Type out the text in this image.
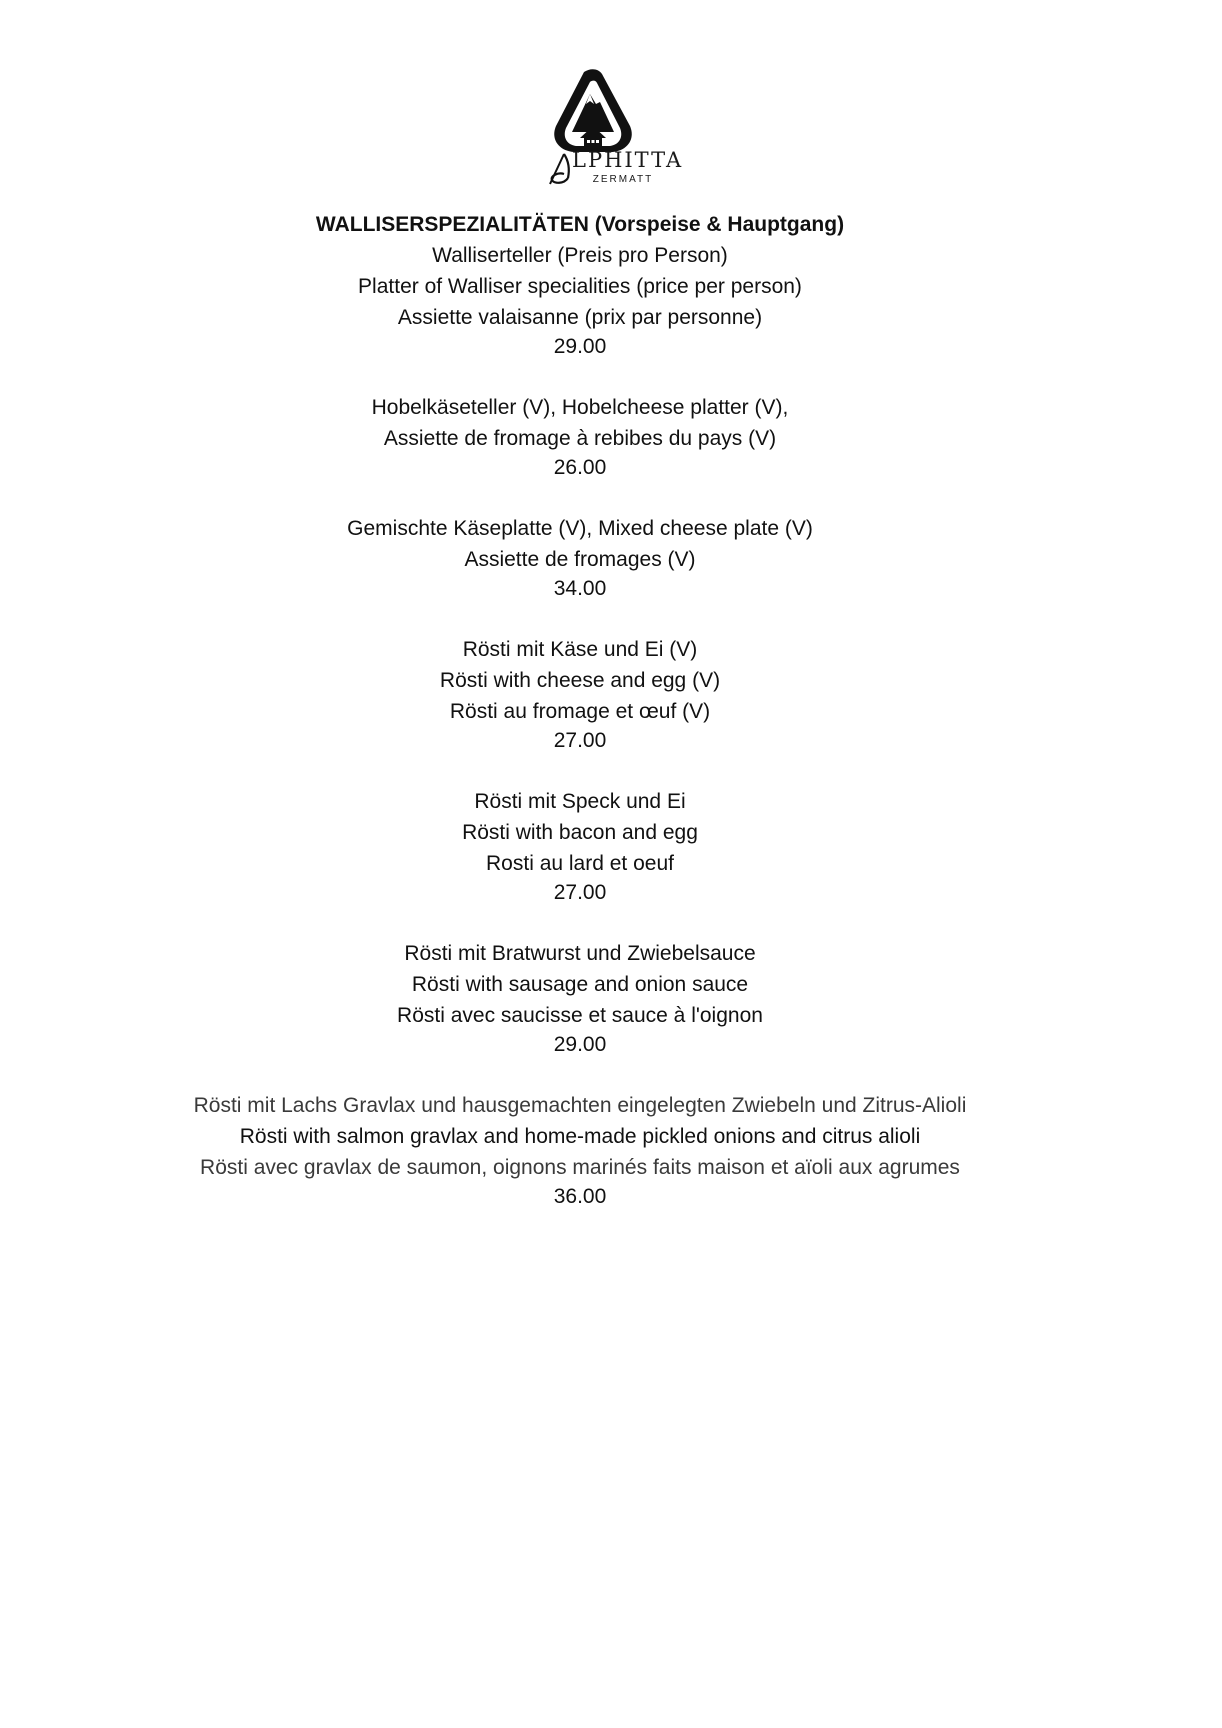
LPHITTA
ZERMATT
WALLISERSPEZIALITÄTEN (Vorspeise & Hauptgang)
Walliserteller (Preis pro Person)
Platter of Walliser specialities (price per person)
Assiette valaisanne (prix par personne)
29.00
Hobelkäseteller (V), Hobelcheese platter (V),
Assiette de fromage à rebibes du pays (V)
26.00
Gemischte Käseplatte (V), Mixed cheese plate (V)
Assiette de fromages (V)
34.00
Rösti mit Käse und Ei (V)
Rösti with cheese and egg (V)
Rösti au fromage et œuf (V)
27.00
Rösti mit Speck und Ei
Rösti with bacon and egg
Rosti au lard et oeuf
27.00
Rösti mit Bratwurst und Zwiebelsauce
Rösti with sausage and onion sauce
Rösti avec saucisse et sauce à l'oignon
29.00
Rösti mit Lachs Gravlax und hausgemachten eingelegten Zwiebeln und Zitrus-Alioli
Rösti with salmon gravlax and home-made pickled onions and citrus alioli
Rösti avec gravlax de saumon, oignons marinés faits maison et aïoli aux agrumes
36.00
